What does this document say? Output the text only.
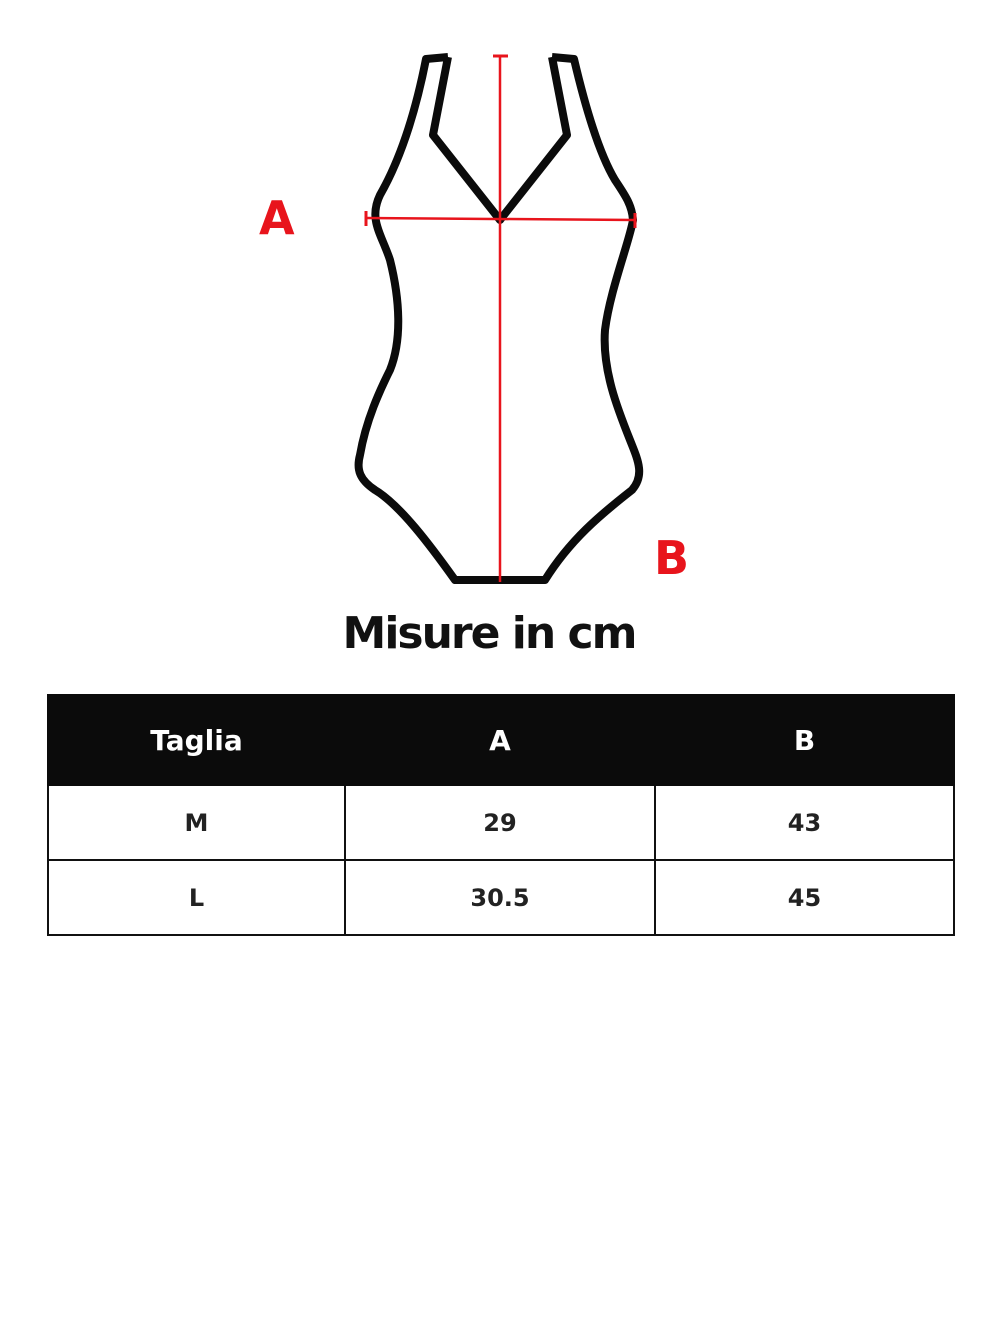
A
B
Misure in cm
Taglia	A	B
M	29	43
L	30.5	45
